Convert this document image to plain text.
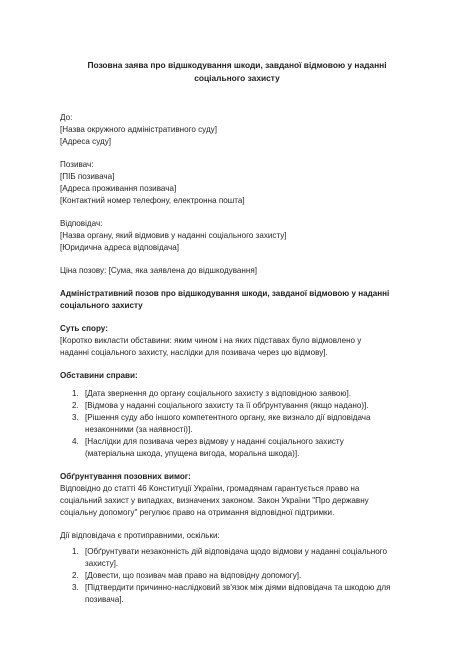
Позовна заява про відшкодування шкоди, завданої відмовою у наданні
соціального захисту
До:
[Назва окружного адміністративного суду]
[Адреса суду]
Позивач:
[ПІБ позивача]
[Адреса проживання позивача]
[Контактний номер телефону, електронна пошта]
Відповідач:
[Назва органу, який відмовив у наданні соціального захисту]
[Юридична адреса відповідача]
Ціна позову: [Сума, яка заявлена до відшкодування]
Адміністративний позов про відшкодування шкоди, завданої відмовою у наданні
соціального захисту
Суть спору:
[Коротко викласти обставини: яким чином і на яких підставах було відмовлено у
наданні соціального захисту, наслідки для позивача через цю відмову].
Обставини справи:
1. [Дата звернення до органу соціального захисту з відповідною заявою].
2. [Відмова у наданні соціального захисту та її обґрунтування (якщо надано)].
3. [Рішення суду або іншого компетентного органу, яке визнало дії відповідача
незаконними (за наявності)].
4. [Наслідки для позивача через відмову у наданні соціального захисту
(матеріальна шкода, упущена вигода, моральна шкода)].
Обґрунтування позовних вимог:
Відповідно до статті 46 Конституції України, громадянам гарантується право на
соціальний захист у випадках, визначених законом. Закон України "Про державну
соціальну допомогу" регулює право на отримання відповідної підтримки.
Дії відповідача є протиправними, оскільки:
1. [Обґрунтувати незаконність дій відповідача щодо відмови у наданні соціального
захисту].
2. [Довести, що позивач мав право на відповідну допомогу].
3. [Підтвердити причинно-наслідковий зв'язок між діями відповідача та шкодою для
позивача].
